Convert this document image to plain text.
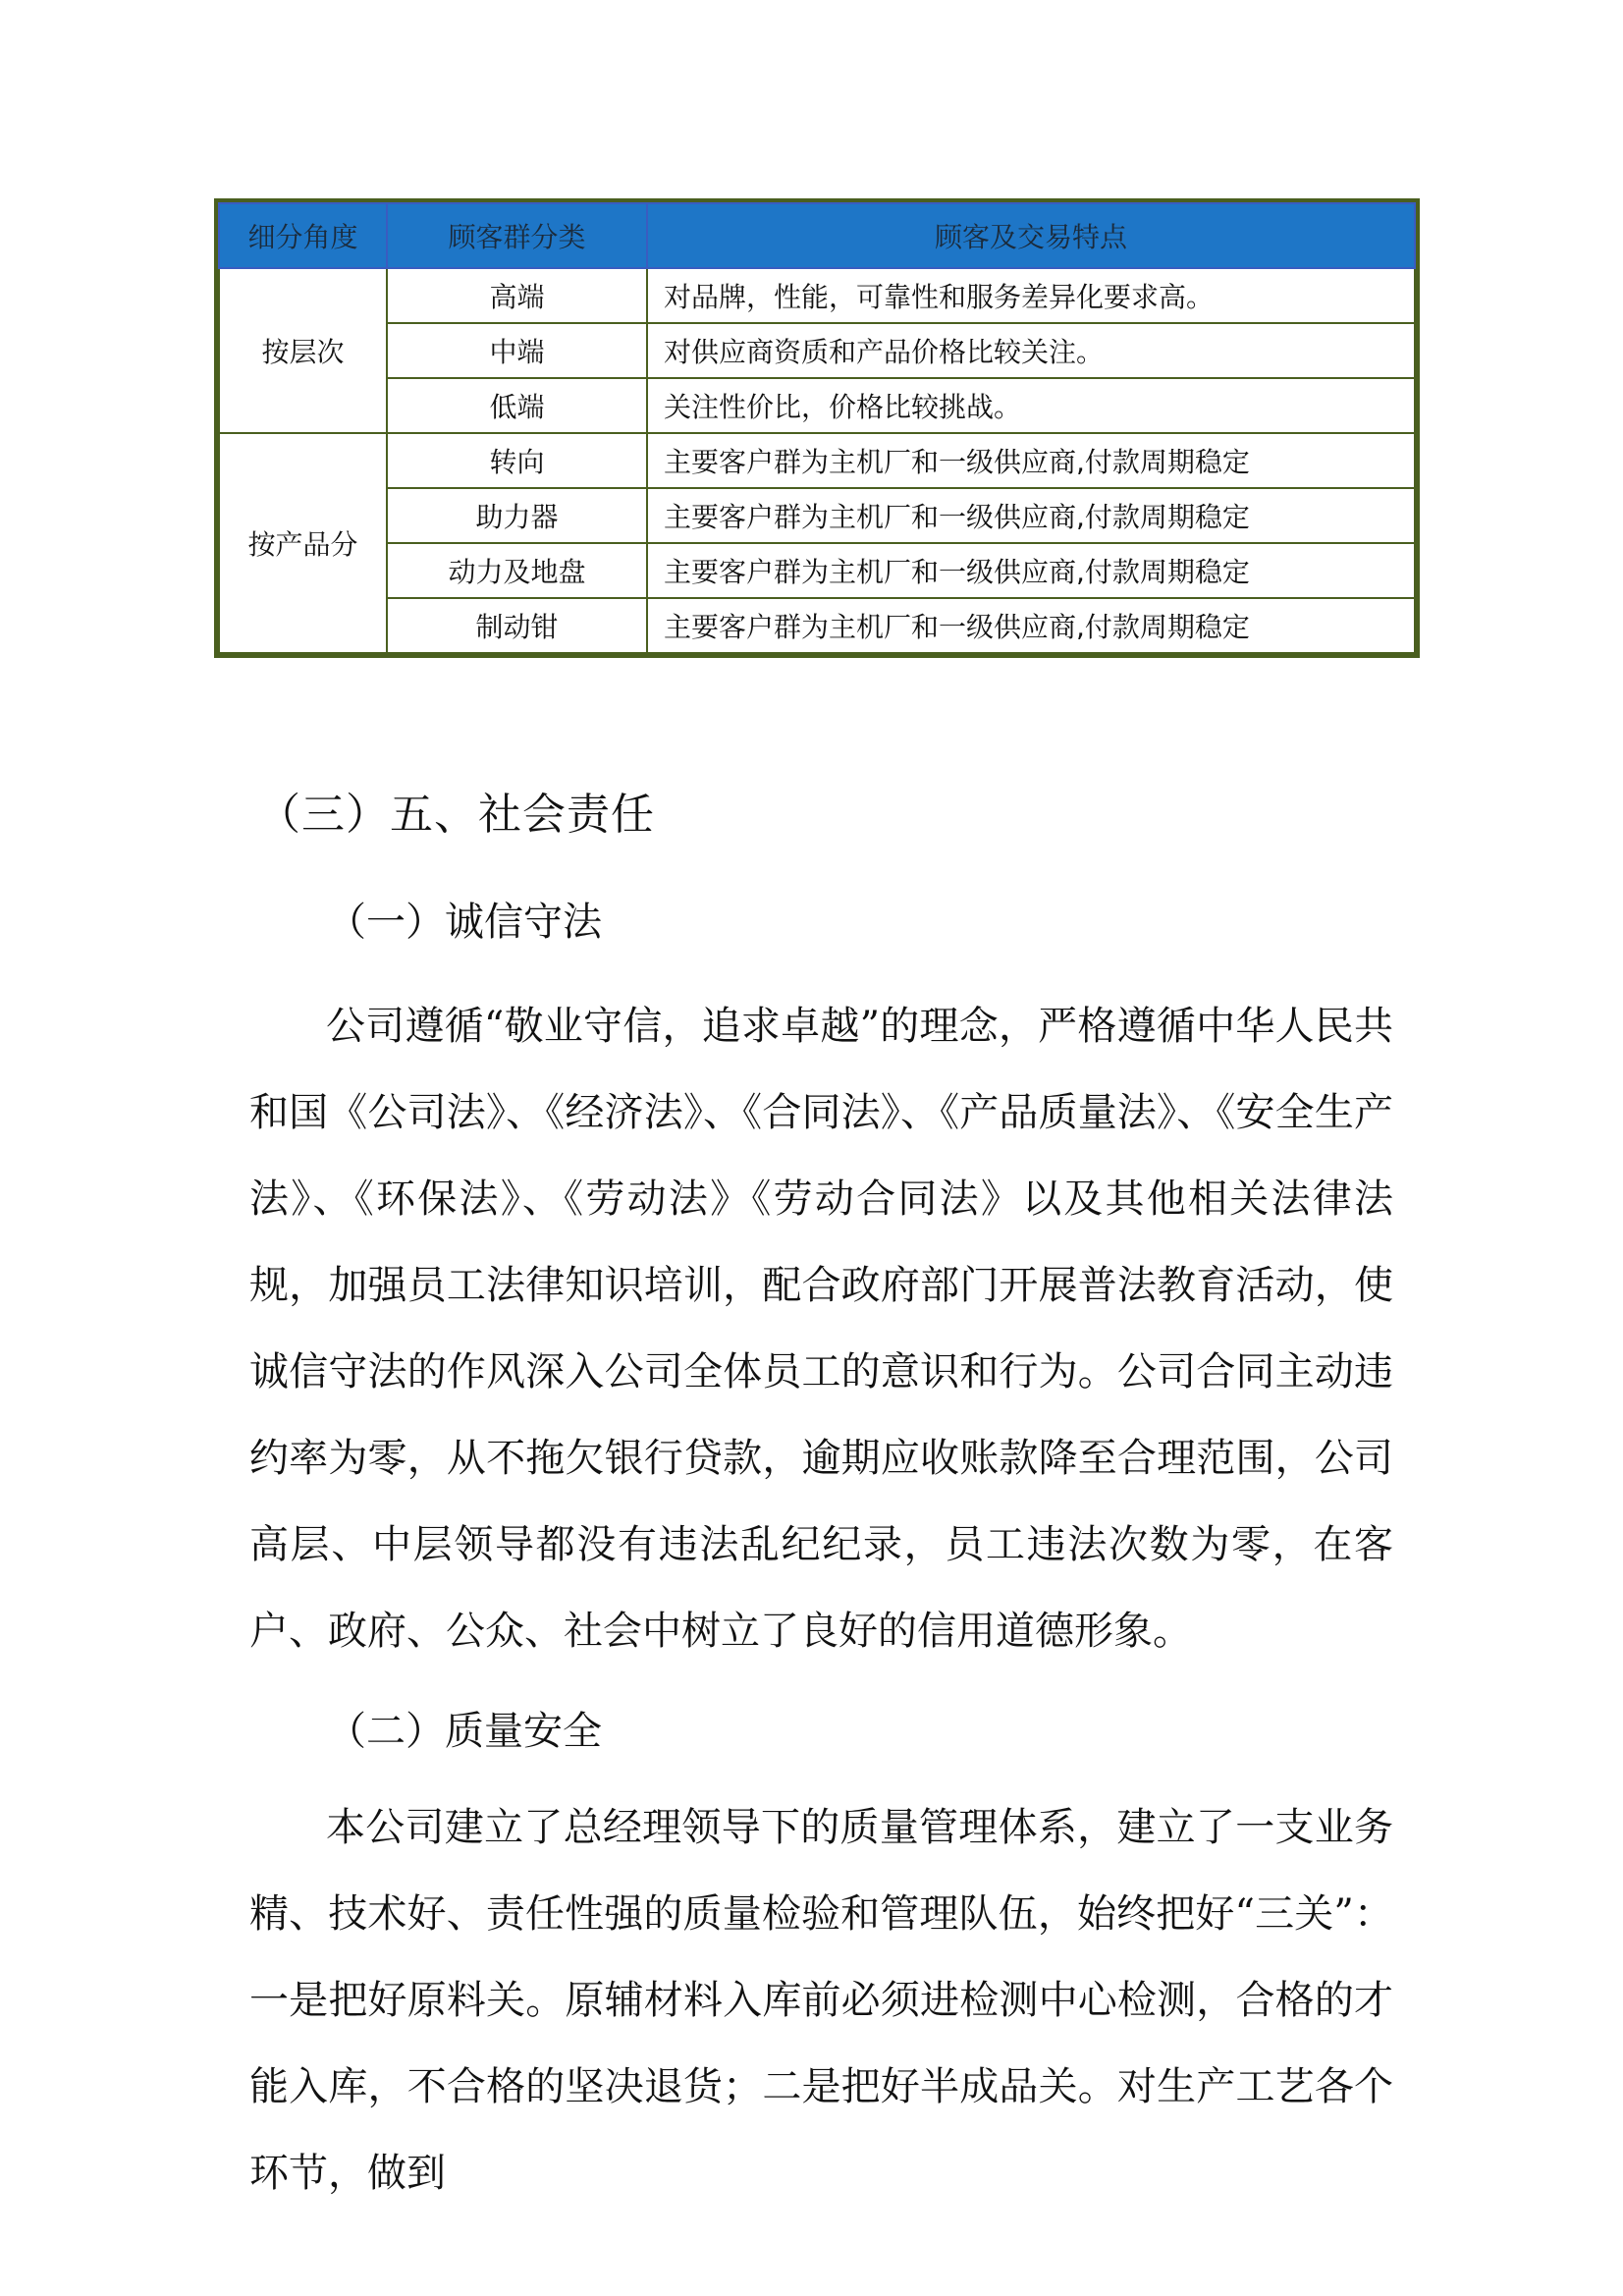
细分角度	顾客群分类	顾客及交易特点
按层次	高端	对品牌，性能，可靠性和服务差异化要求高。
	中端	对供应商资质和产品价格比较关注。
	低端	关注性价比，价格比较挑战。
按产品分	转向	主要客户群为主机厂和一级供应商,付款周期稳定
	助力器	主要客户群为主机厂和一级供应商,付款周期稳定
	动力及地盘	主要客户群为主机厂和一级供应商,付款周期稳定
	制动钳	主要客户群为主机厂和一级供应商,付款周期稳定
（三）五、社会责任
（一）诚信守法

公司遵循“敬业守信，追求卓越”的理念，严格遵循中华人民共和国《公司法》、《经济法》、《合同法》、《产品质量法》、《安全生产法》、《环保法》、《劳动法》《劳动合同法》以及其他相关法律法规，加强员工法律知识培训，配合政府部门开展普法教育活动，使诚信守法的作风深入公司全体员工的意识和行为。公司合同主动违约率为零，从不拖欠银行贷款，逾期应收账款降至合理范围，公司高层、中层领导都没有违法乱纪纪录，员工违法次数为零，在客户、政府、公众、社会中树立了良好的信用道德形象。

（二）质量安全

本公司建立了总经理领导下的质量管理体系，建立了一支业务精、技术好、责任性强的质量检验和管理队伍，始终把好“三关”：一是把好原料关。原辅材料入库前必须进检测中心检测，合格的才能入库，不合格的坚决退货；二是把好半成品关。对生产工艺各个环节，做到
